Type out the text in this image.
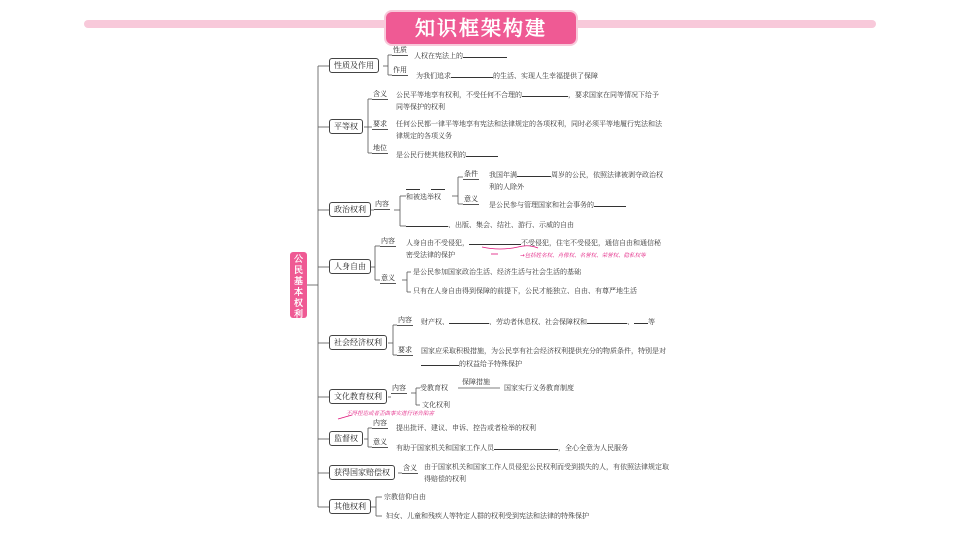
知识框架构建
公民基本权利
性质及作用
性质
人权在宪法上的
作用
为我们追求	的生活、实现人生幸福提供了保障
平等权
含义 公民平等地享有权利，不受任何不合理的	，要求国家在同等情况下给予同等保护的权利
要求 任何公民都一律平等地享有宪法和法律规定的各项权利，同时必须平等地履行宪法和法律规定的各项义务
地位
是公民行使其他权利的
政治权利
内容

和被选举权
条件 我国年满	周岁的公民，依照法律被剥夺政治权利的人除外
意义
是公民参与管理国家和社会事务的
、出版、集会、结社、游行、示威的自由
人身自由
内容 人身自由不受侵犯，	不受侵犯，住宅不受侵犯，通信自由和通信秘密受法律的保护	→包括姓名权、肖像权、名誉权、荣誉权、隐私权等
意义
是公民参加国家政治生活、经济生活与社会生活的基础
只有在人身自由得到保障的前提下，公民才能独立、自由、有尊严地生活
社会经济权利
内容 财产权、	、劳动者休息权、社会保障权和	、 等
要求 国家应采取积极措施，为公民享有社会经济权利提供充分的物质条件，特别是对的权益给予特殊保护
文化教育权利
内容 受教育权
保障措施
国家实行义务教育制度
文化权利
不得捏造或者歪曲事实进行诬告陷害
监督权
内容
提出批评、建议、申诉、控告或者检举的权利
意义
有助于国家机关和国家工作人员	，全心全意为人民服务
获得国家赔偿权	含义 由于国家机关和国家工作人员侵犯公民权利而受到损失的人，有依照法律规定取得赔偿的权利
其他权利
宗教信仰自由
妇女、儿童和残疾人等特定人群的权利受到宪法和法律的特殊保护
